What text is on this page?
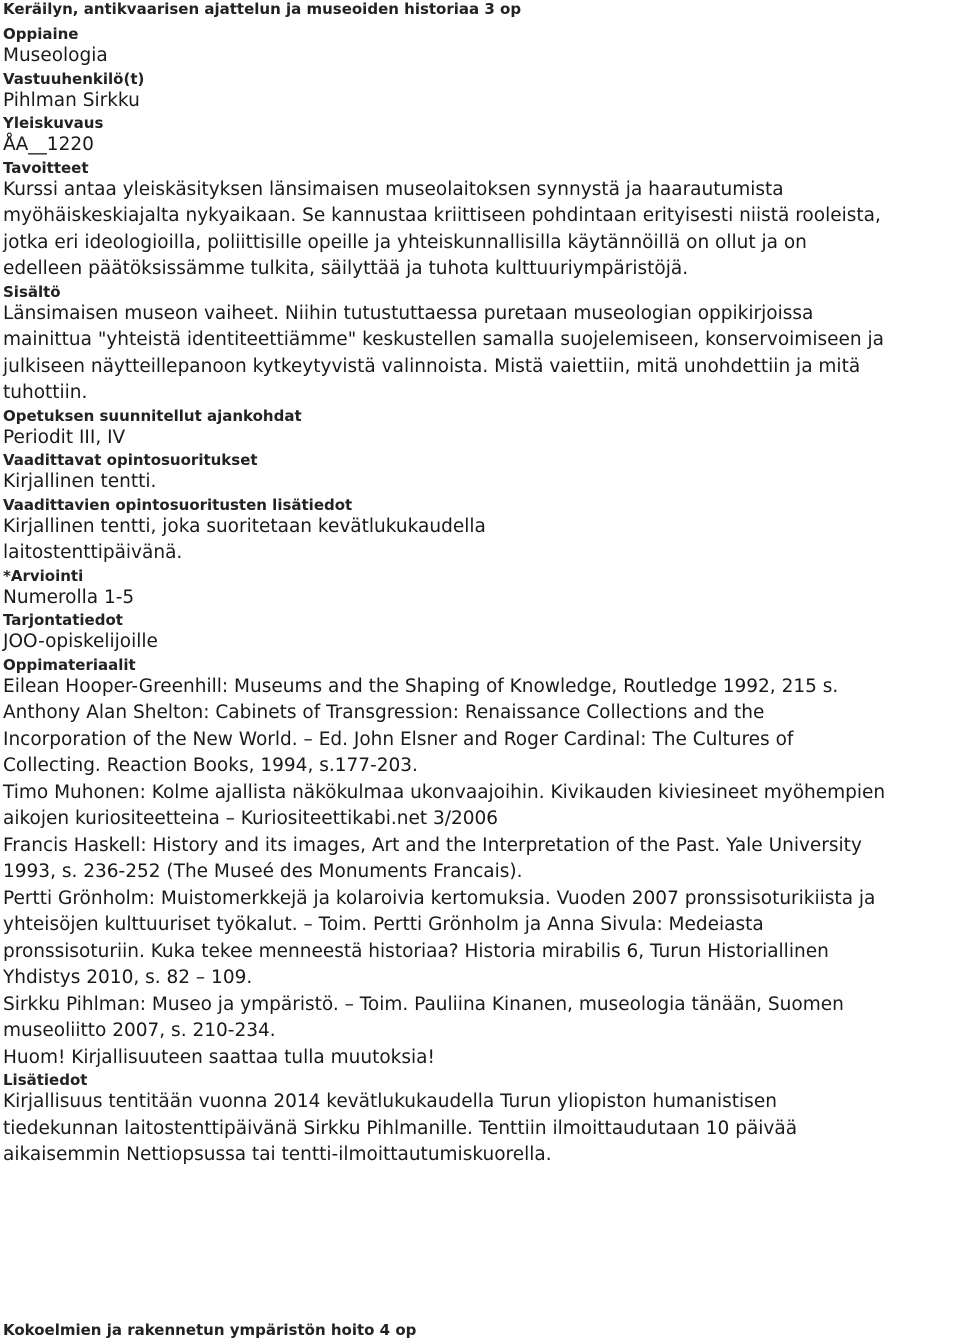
Keräilyn, antikvaarisen ajattelun ja museoiden historiaa 3 op
Oppiaine
Museologia
Vastuuhenkilö(t)
Pihlman Sirkku
Yleiskuvaus
ÅA__1220
Tavoitteet
Kurssi antaa yleiskäsityksen länsimaisen museolaitoksen synnystä ja haarautumista
myöhäiskeskiajalta nykyaikaan. Se kannustaa kriittiseen pohdintaan erityisesti niistä rooleista,
jotka eri ideologioilla, poliittisille opeille ja yhteiskunnallisilla käytännöillä on ollut ja on
edelleen päätöksissämme tulkita, säilyttää ja tuhota kulttuuriympäristöjä.
Sisältö
Länsimaisen museon vaiheet. Niihin tutustuttaessa puretaan museologian oppikirjoissa
mainittua "yhteistä identiteettiämme" keskustellen samalla suojelemiseen, konservoimiseen ja
julkiseen näytteillepanoon kytkeytyvistä valinnoista. Mistä vaiettiin, mitä unohdettiin ja mitä
tuhottiin.
Opetuksen suunnitellut ajankohdat
Periodit III, IV
Vaadittavat opintosuoritukset
Kirjallinen tentti.
Vaadittavien opintosuoritusten lisätiedot
Kirjallinen tentti, joka suoritetaan kevätlukukaudella
laitostenttipäivänä.
*Arviointi
Numerolla 1-5
Tarjontatiedot
JOO-opiskelijoille
Oppimateriaalit
Eilean Hooper-Greenhill: Museums and the Shaping of Knowledge, Routledge 1992, 215 s.
Anthony Alan Shelton: Cabinets of Transgression: Renaissance Collections and the
Incorporation of the New World. – Ed. John Elsner and Roger Cardinal: The Cultures of
Collecting. Reaction Books, 1994, s.177-203.
Timo Muhonen: Kolme ajallista näkökulmaa ukonvaajoihin. Kivikauden kiviesineet myöhempien
aikojen kuriositeetteina – Kuriositeettikabi.net 3/2006
Francis Haskell: History and its images, Art and the Interpretation of the Past. Yale University
1993, s. 236-252 (The Museé des Monuments Francais).
Pertti Grönholm: Muistomerkkejä ja kolaroivia kertomuksia. Vuoden 2007 pronssisoturikiista ja
yhteisöjen kulttuuriset työkalut. – Toim. Pertti Grönholm ja Anna Sivula: Medeiasta
pronssisoturiin. Kuka tekee menneestä historiaa? Historia mirabilis 6, Turun Historiallinen
Yhdistys 2010, s. 82 – 109.
Sirkku Pihlman: Museo ja ympäristö. – Toim. Pauliina Kinanen, museologia tänään, Suomen
museoliitto 2007, s. 210-234.
Huom! Kirjallisuuteen saattaa tulla muutoksia!
Lisätiedot
Kirjallisuus tentitään vuonna 2014 kevätlukukaudella Turun yliopiston humanistisen
tiedekunnan laitostenttipäivänä Sirkku Pihlmanille. Tenttiin ilmoittaudutaan 10 päivää
aikaisemmin Nettiopsussa tai tentti-ilmoittautumiskuorella.
Kokoelmien ja rakennetun ympäristön hoito 4 op
